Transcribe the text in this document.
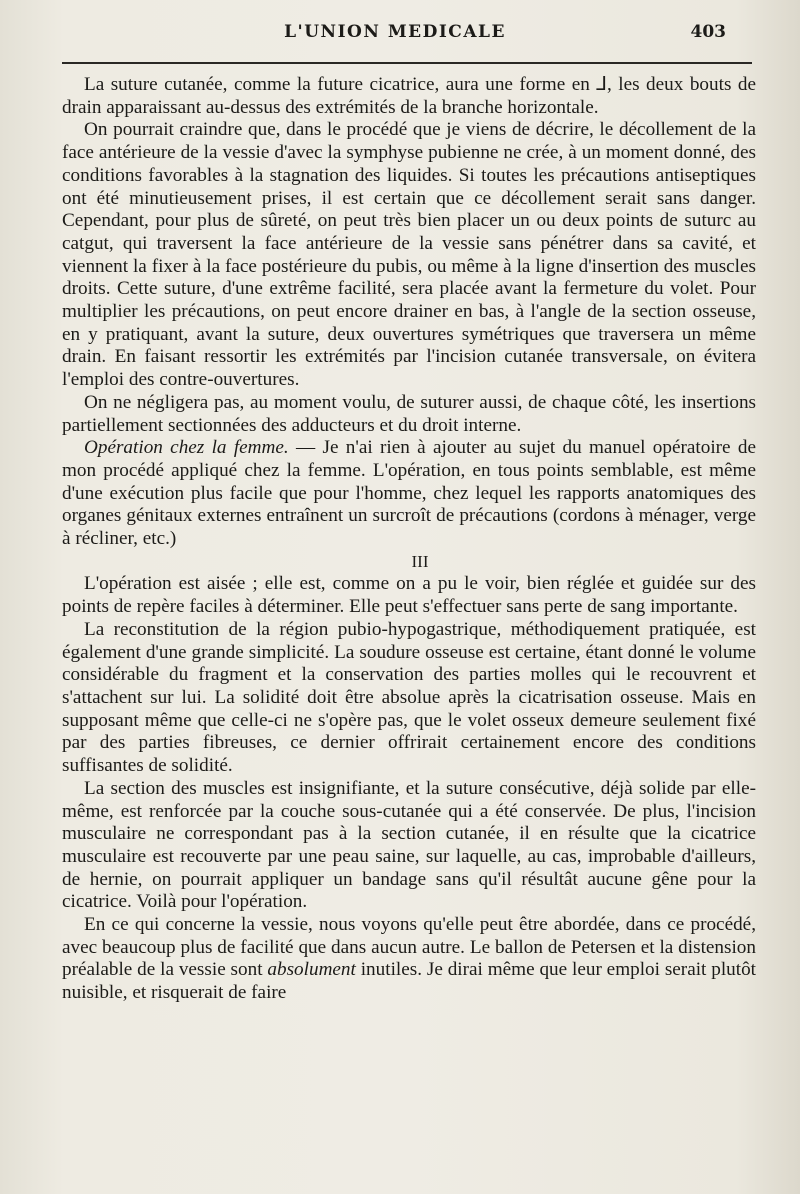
L'UNION MEDICALE	403

La suture cutanée, comme la future cicatrice, aura une forme en ⅃, les deux bouts de drain apparaissant au-dessus des extrémités de la branche horizontale.

On pourrait craindre que, dans le procédé que je viens de décrire, le décollement de la face antérieure de la vessie d'avec la symphyse pubienne ne crée, à un moment donné, des conditions favorables à la stagnation des liquides. Si toutes les précautions antiseptiques ont été minutieusement prises, il est certain que ce décollement serait sans danger. Cependant, pour plus de sûreté, on peut très bien placer un ou deux points de suturc au catgut, qui traversent la face antérieure de la vessie sans pénétrer dans sa cavité, et viennent la fixer à la face postérieure du pubis, ou même à la ligne d'insertion des muscles droits. Cette suture, d'une extrême facilité, sera placée avant la fermeture du volet. Pour multiplier les précautions, on peut encore drainer en bas, à l'angle de la section osseuse, en y pratiquant, avant la suture, deux ouvertures symétriques que traversera un même drain. En faisant ressortir les extrémités par l'incision cutanée transversale, on évitera l'emploi des contre-ouvertures.

On ne négligera pas, au moment voulu, de suturer aussi, de chaque côté, les insertions partiellement sectionnées des adducteurs et du droit interne.

Opération chez la femme. — Je n'ai rien à ajouter au sujet du manuel opératoire de mon procédé appliqué chez la femme. L'opération, en tous points semblable, est même d'une exécution plus facile que pour l'homme, chez lequel les rapports anatomiques des organes génitaux externes entraînent un surcroît de précautions (cordons à ménager, verge à récliner, etc.)

III

L'opération est aisée ; elle est, comme on a pu le voir, bien réglée et guidée sur des points de repère faciles à déterminer. Elle peut s'effectuer sans perte de sang importante.

La reconstitution de la région pubio-hypogastrique, méthodiquement pratiquée, est également d'une grande simplicité. La soudure osseuse est certaine, étant donné le volume considérable du fragment et la conservation des parties molles qui le recouvrent et s'attachent sur lui. La solidité doit être absolue après la cicatrisation osseuse. Mais en supposant même que celle-ci ne s'opère pas, que le volet osseux demeure seulement fixé par des parties fibreuses, ce dernier offrirait certainement encore des conditions suffisantes de solidité.

La section des muscles est insignifiante, et la suture consécutive, déjà solide par elle-même, est renforcée par la couche sous-cutanée qui a été conservée. De plus, l'incision musculaire ne correspondant pas à la section cutanée, il en résulte que la cicatrice musculaire est recouverte par une peau saine, sur laquelle, au cas, improbable d'ailleurs, de hernie, on pourrait appliquer un bandage sans qu'il résultât aucune gêne pour la cicatrice. Voilà pour l'opération.

En ce qui concerne la vessie, nous voyons qu'elle peut être abordée, dans ce procédé, avec beaucoup plus de facilité que dans aucun autre. Le ballon de Petersen et la distension préalable de la vessie sont absolument inutiles. Je dirai même que leur emploi serait plutôt nuisible, et risquerait de faire
